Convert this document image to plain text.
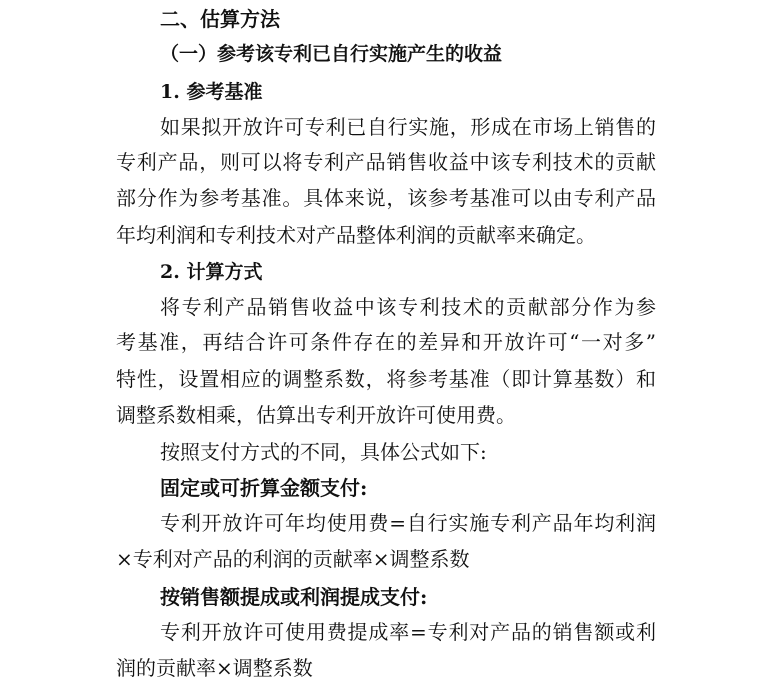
二、估算方法
（一）参考该专利已自行实施产生的收益
1. 参考基准
如果拟开放许可专利已自行实施，形成在市场上销售的
专利产品，则可以将专利产品销售收益中该专利技术的贡献
部分作为参考基准。具体来说，该参考基准可以由专利产品
年均利润和专利技术对产品整体利润的贡献率来确定。
2. 计算方式
将专利产品销售收益中该专利技术的贡献部分作为参
考基准，再结合许可条件存在的差异和开放许可“一对多”
特性，设置相应的调整系数，将参考基准（即计算基数）和
调整系数相乘，估算出专利开放许可使用费。
按照支付方式的不同，具体公式如下:
固定或可折算金额支付:
专利开放许可年均使用费=自行实施专利产品年均利润
×专利对产品的利润的贡献率×调整系数
按销售额提成或利润提成支付:
专利开放许可使用费提成率=专利对产品的销售额或利
润的贡献率×调整系数
